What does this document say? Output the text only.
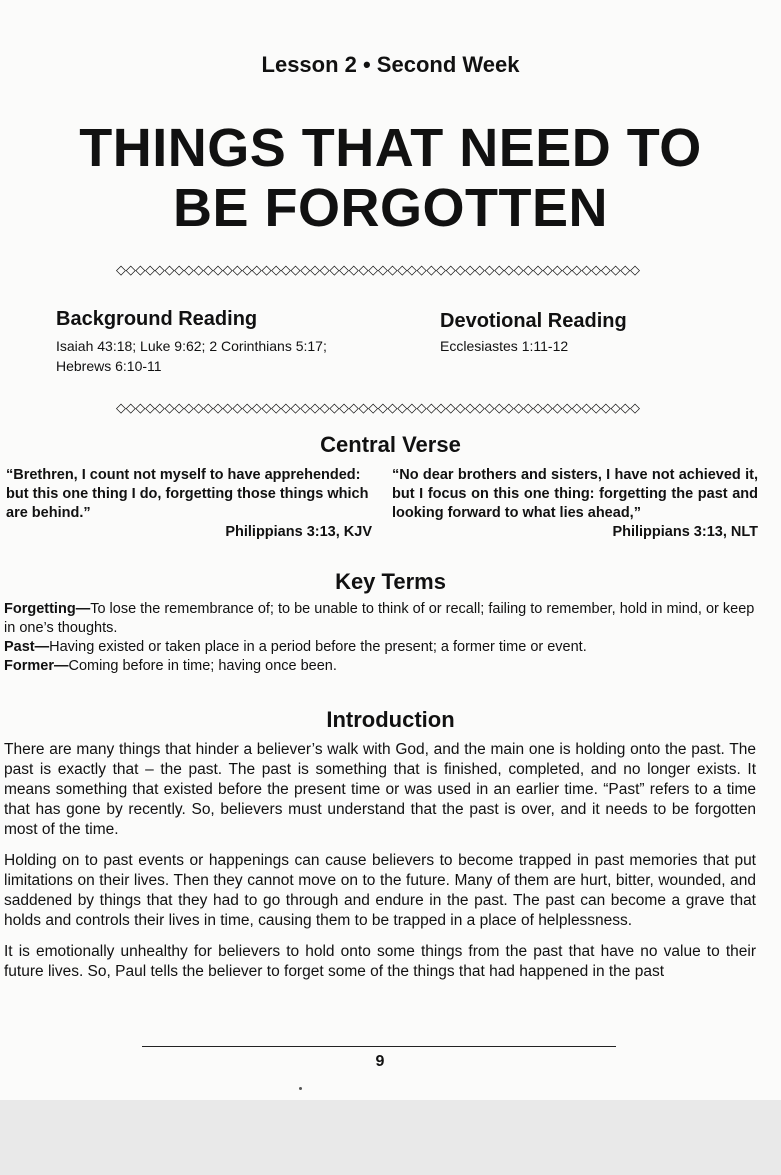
Lesson 2 • Second Week
THINGS THAT NEED TO
BE FORGOTTEN
◇◇◇◇◇◇◇◇◇◇◇◇◇◇◇◇◇◇◇◇◇◇◇◇◇◇◇◇◇◇◇◇◇◇◇◇◇◇◇◇◇◇◇◇◇◇◇◇◇◇◇◇◇◇
Background Reading
Isaiah 43:18; Luke 9:62; 2 Corinthians 5:17;
Hebrews 6:10-11
Devotional Reading
Ecclesiastes 1:11-12
◇◇◇◇◇◇◇◇◇◇◇◇◇◇◇◇◇◇◇◇◇◇◇◇◇◇◇◇◇◇◇◇◇◇◇◇◇◇◇◇◇◇◇◇◇◇◇◇◇◇◇◇◇◇
Central Verse
“Brethren, I count not myself to have apprehended: but this one thing I do, forgetting those things which are behind.”
Philippians 3:13, KJV
“No dear brothers and sisters, I have not achieved it, but I focus on this one thing: forgetting the past and looking forward to what lies ahead,”
Philippians 3:13, NLT
Key Terms

Forgetting—To lose the remembrance of; to be unable to think of or recall; failing to remember, hold in mind, or keep in one’s thoughts.

Past—Having existed or taken place in a period before the present; a former time or event.

Former—Coming before in time; having once been.

Introduction

There are many things that hinder a believer’s walk with God, and the main one is holding onto the past. The past is exactly that – the past. The past is something that is finished, completed, and no longer exists. It means something that existed before the present time or was used in an earlier time. “Past” refers to a time that has gone by recently. So, believers must understand that the past is over, and it needs to be forgotten most of the time.

Holding on to past events or happenings can cause believers to become trapped in past memories that put limitations on their lives. Then they cannot move on to the future. Many of them are hurt, bitter, wounded, and saddened by things that they had to go through and endure in the past. The past can become a grave that holds and controls their lives in time, causing them to be trapped in a place of helplessness.

It is emotionally unhealthy for believers to hold onto some things from the past that have no value to their future lives. So, Paul tells the believer to forget some of the things that had happened in the past

9
